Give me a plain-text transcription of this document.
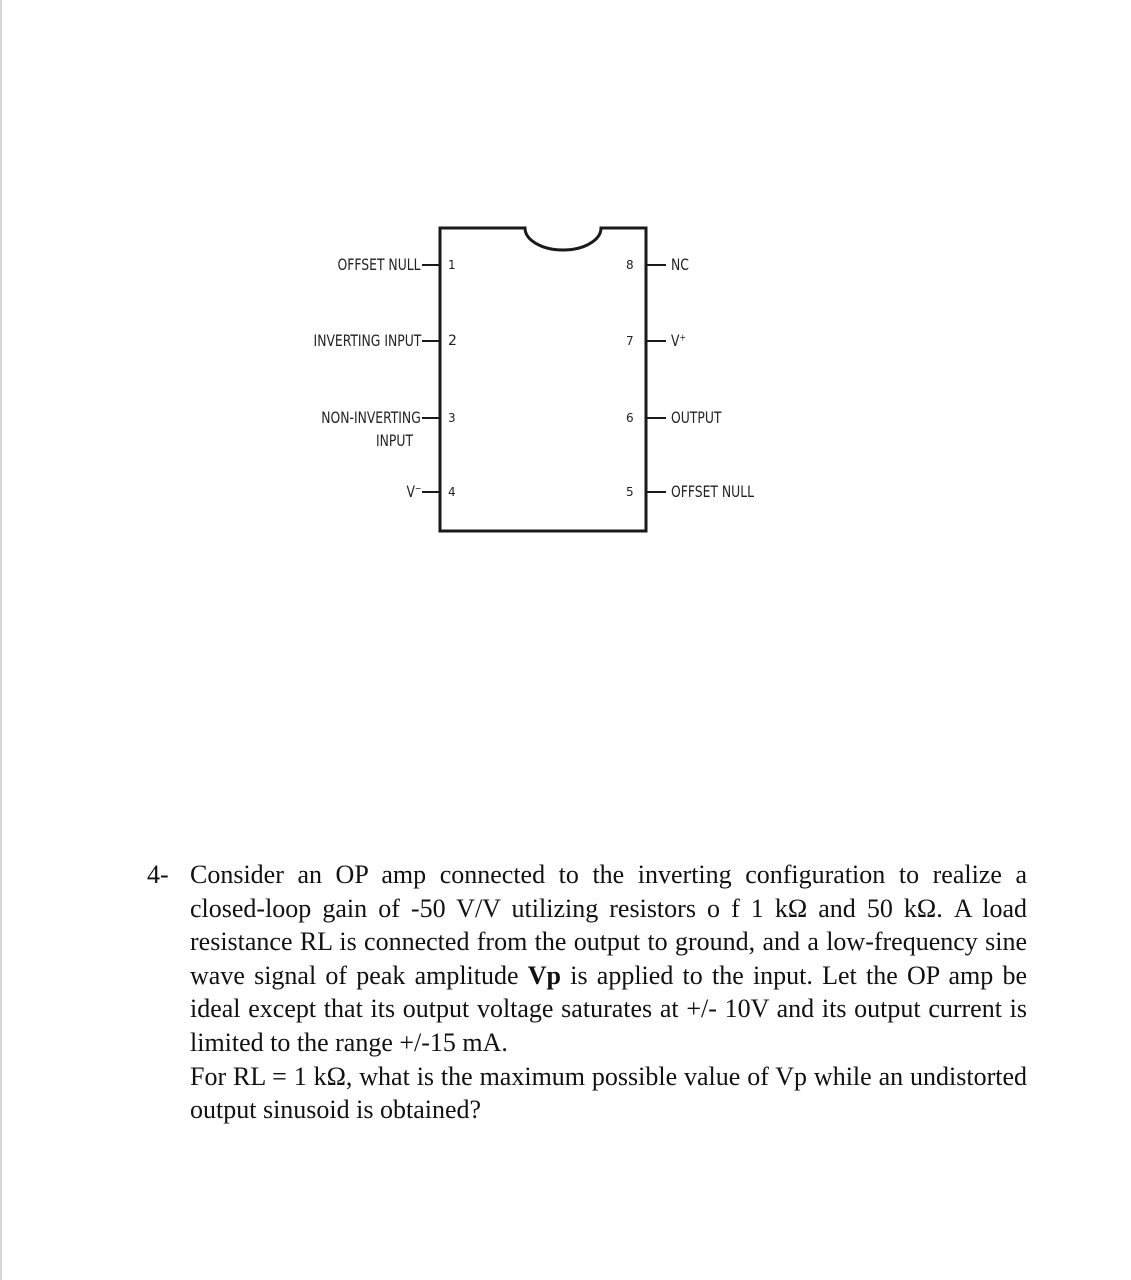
OFFSET NULL
INVERTING INPUT
NON-INVERTING
INPUT
V⁻
1
2
3
4
8
7
6
5
NC
V⁺
OUTPUT
OFFSET NULL
4- Consider an OP amp connected to the inverting configuration to realize a closed-loop gain of -50 V/V utilizing resistors o f 1 kΩ and 50 kΩ. A load resistance RL is connected from the output to ground, and a low-frequency sine wave signal of peak amplitude Vp is applied to the input. Let the OP amp be ideal except that its output voltage saturates at +/- 10V and its output current is limited to the range +/-15 mA.

For RL = 1 kΩ, what is the maximum possible value of Vp while an undistorted output sinusoid is obtained?
